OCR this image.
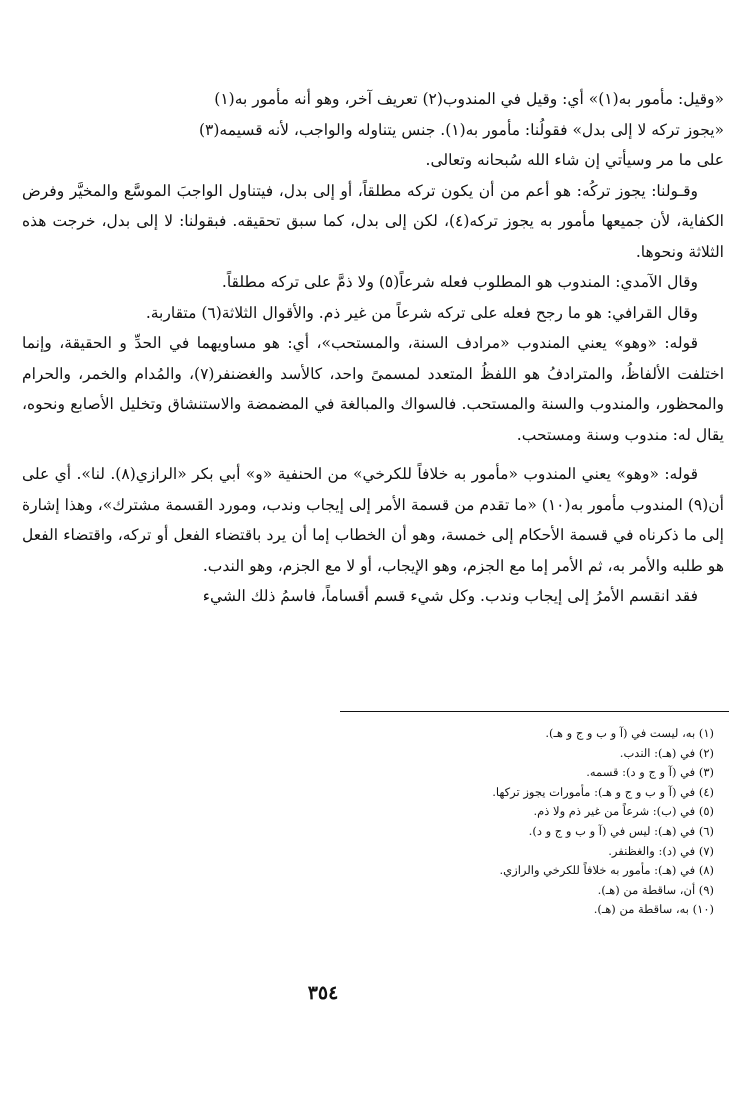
«وقيل: مأمور به(١)» أي: وقيل في المندوب(٢) تعريف آخر، وهو أنه مأمور به(١)

«يجوز تركه لا إلى بدل» فقولُنا: مأمور به(١). جنس يتناوله والواجب، لأنه قسيمه(٣)

على ما مر وسيأتي إن شاء الله سُبحانه وتعالى.

وقـولنا: يجوز تركُه: هو أعم من أن يكون تركه مطلقاً، أو إلى بدل، فيتناول الواجبَ الموسَّع والمخيَّر وفرض الكفاية، لأن جميعها مأمور به يجوز تركه(٤)، لكن إلى بدل، كما سبق تحقيقه. فبقولنا: لا إلى بدل، خرجت هذه الثلاثة ونحوها.

وقال الآمدي: المندوب هو المطلوب فعله شرعاً(٥) ولا ذمَّ على تركه مطلقاً.

وقال القرافي: هو ما رجح فعله على تركه شرعاً من غير ذم. والأقوال الثلاثة(٦) متقاربة.

قوله: «وهو» يعني المندوب «مرادف السنة، والمستحب»، أي: هو مساويهما في الحدِّ و الحقيقة، وإنما اختلفت الألفاظُ، والمترادفُ هو اللفظُ المتعدد لمسمىً واحد، كالأسد والغضنفر(٧)، والمُدام والخمر، والحرام والمحظور، والمندوب والسنة والمستحب. فالسواك والمبالغة في المضمضة والاستنشاق وتخليل الأصابع ونحوه، يقال له: مندوب وسنة ومستحب.

قوله: «وهو» يعني المندوب «مأمور به خلافاً للكرخي» من الحنفية «و» أبي بكر «الرازي(٨). لنا». أي على أن(٩) المندوب مأمور به(١٠) «ما تقدم من قسمة الأمر إلى إيجاب وندب، ومورد القسمة مشترك»، وهذا إشارة إلى ما ذكرناه في قسمة الأحكام إلى خمسة، وهو أن الخطاب إما أن يرد باقتضاء الفعل أو تركه، واقتضاء الفعل هو طلبه والأمر به، ثم الأمر إما مع الجزم، وهو الإيجاب، أو لا مع الجزم، وهو الندب.

فقد انقسم الأمرُ إلى إيجاب وندب. وكل شيء قسم أقساماً، فاسمُ ذلك الشيء

(١) به، ليست في (آ و ب و ج و هـ).
(٢) في (هـ): الندب.
(٣) في (آ و ج و د): قسمه.
(٤) في (آ و ب و ج و هـ): مأمورات يجوز تركها.
(٥) في (ب): شرعاً من غير ذم ولا ذم.
(٦) في (هـ): ليس في (آ و ب و ج و د).
(٧) في (د): والغظنفر.
(٨) في (هـ): مأمور به خلافاً للكرخي والرازي.
(٩) أن، ساقطة من (هـ).
(١٠) به، ساقطة من (هـ).
٣٥٤
